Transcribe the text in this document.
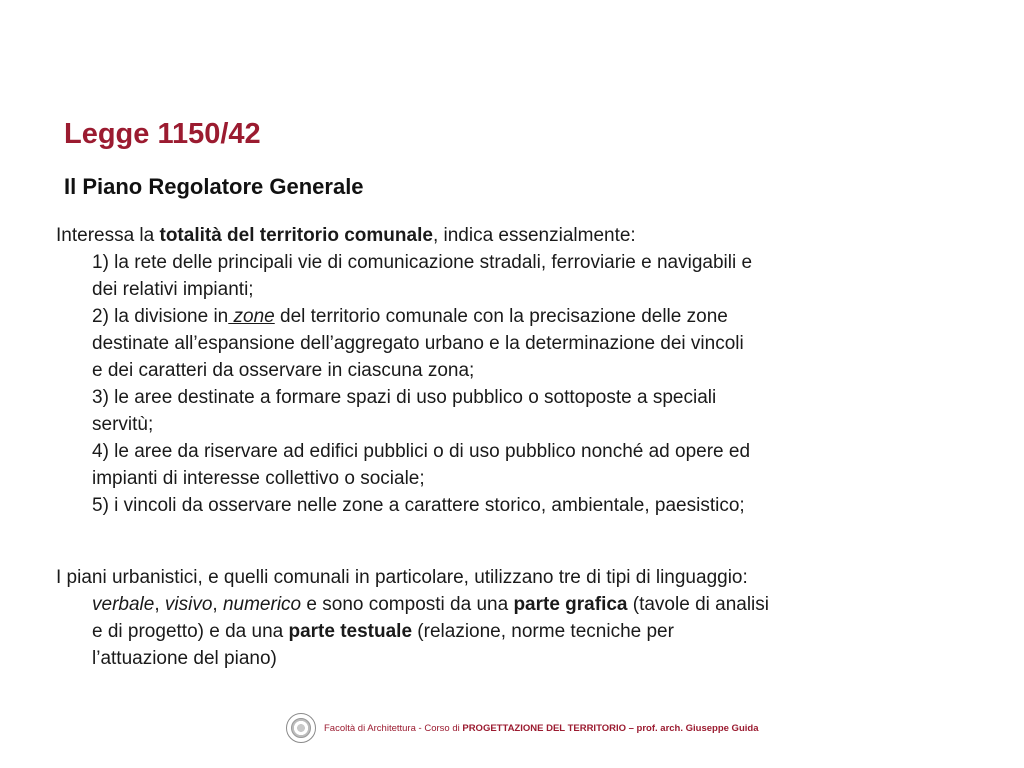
Legge 1150/42
Il Piano Regolatore Generale

Interessa la totalità del territorio comunale, indica essenzialmente:

1) la rete delle principali vie di comunicazione stradali, ferroviarie e navigabili e

dei relativi impianti;

2) la divisione in zone del territorio comunale con la precisazione delle zone

destinate all’espansione dell’aggregato urbano e la determinazione dei vincoli

e dei caratteri da osservare in ciascuna zona;

3) le aree destinate a formare spazi di uso pubblico o sottoposte a speciali

servitù;

4) le aree da riservare ad edifici pubblici o di uso pubblico nonché ad opere ed

impianti di interesse collettivo o sociale;

5) i vincoli da osservare nelle zone a carattere storico, ambientale, paesistico;

I piani urbanistici, e quelli comunali in particolare, utilizzano tre di tipi di linguaggio:

verbale, visivo, numerico e sono composti da una parte grafica (tavole di analisi

e di progetto) e da una parte testuale (relazione, norme tecniche per

l’attuazione del piano)

Facoltà di Architettura - Corso di PROGETTAZIONE DEL TERRITORIO – prof. arch. Giuseppe Guida
